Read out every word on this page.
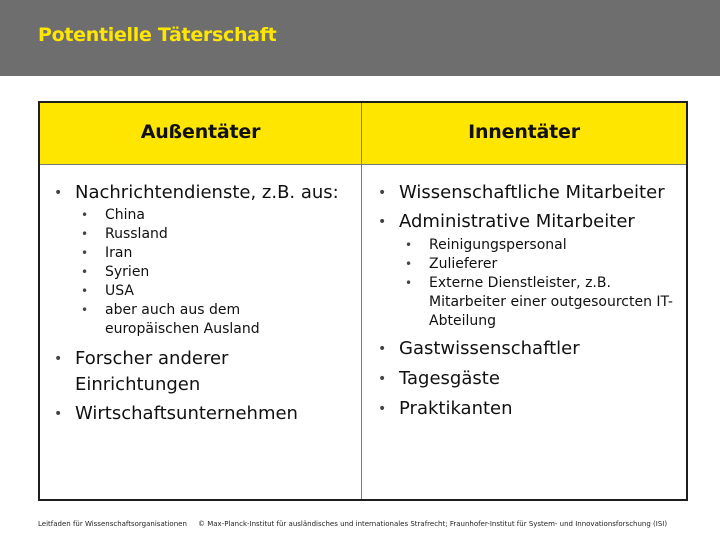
Potentielle Täterschaft
Außentäter	Innentäter
• Nachrichtendienste, z.B. aus:
• China
• Russland
• Iran
• Syrien
• USA
• aber auch aus dem europäischen Ausland
• Forscher anderer Einrichtungen
• Wirtschaftsunternehmen
• Wissenschaftliche Mitarbeiter
• Administrative Mitarbeiter
• Reinigungspersonal
• Zulieferer
• Externe Dienstleister, z.B. Mitarbeiter einer outgesourcten IT-Abteilung
• Gastwissenschaftler
• Tagesgäste
• Praktikanten
Leitfaden für Wissenschaftsorganisationen © Max-Planck-Institut für ausländisches und internationales Strafrecht; Fraunhofer-Institut für System- und Innovationsforschung (ISI)
